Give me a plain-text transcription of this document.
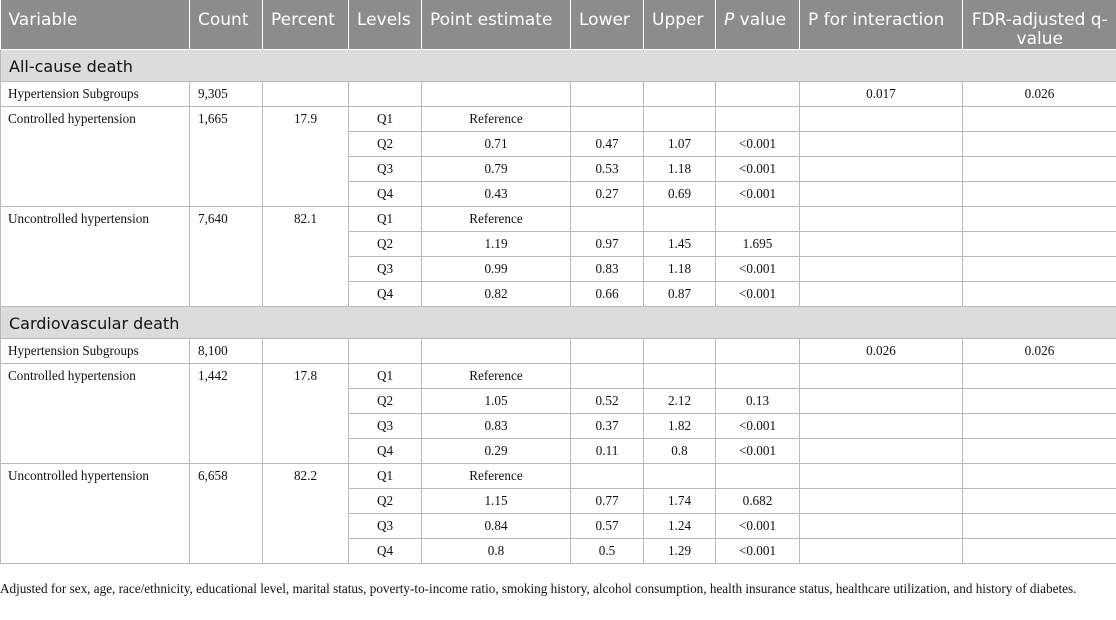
Variable	Count	Percent	Levels	Point estimate	Lower	Upper	P value	P for interaction	FDR-adjusted q-value
All-cause death									
Hypertension Subgroups	9,305							0.017	0.026
Controlled hypertension	1,665	17.9	Q1	Reference					
			Q2	0.71	0.47	1.07	<0.001		
			Q3	0.79	0.53	1.18	<0.001		
			Q4	0.43	0.27	0.69	<0.001		
Uncontrolled hypertension	7,640	82.1	Q1	Reference					
			Q2	1.19	0.97	1.45	1.695		
			Q3	0.99	0.83	1.18	<0.001		
			Q4	0.82	0.66	0.87	<0.001		
Cardiovascular death									
Hypertension Subgroups	8,100							0.026	0.026
Controlled hypertension	1,442	17.8	Q1	Reference					
			Q2	1.05	0.52	2.12	0.13		
			Q3	0.83	0.37	1.82	<0.001		
			Q4	0.29	0.11	0.8	<0.001		
Uncontrolled hypertension	6,658	82.2	Q1	Reference					
			Q2	1.15	0.77	1.74	0.682		
			Q3	0.84	0.57	1.24	<0.001		
			Q4	0.8	0.5	1.29	<0.001		
Adjusted for sex, age, race/ethnicity, educational level, marital status, poverty-to-income ratio, smoking history, alcohol consumption, health insurance status, healthcare utilization, and history of diabetes.
